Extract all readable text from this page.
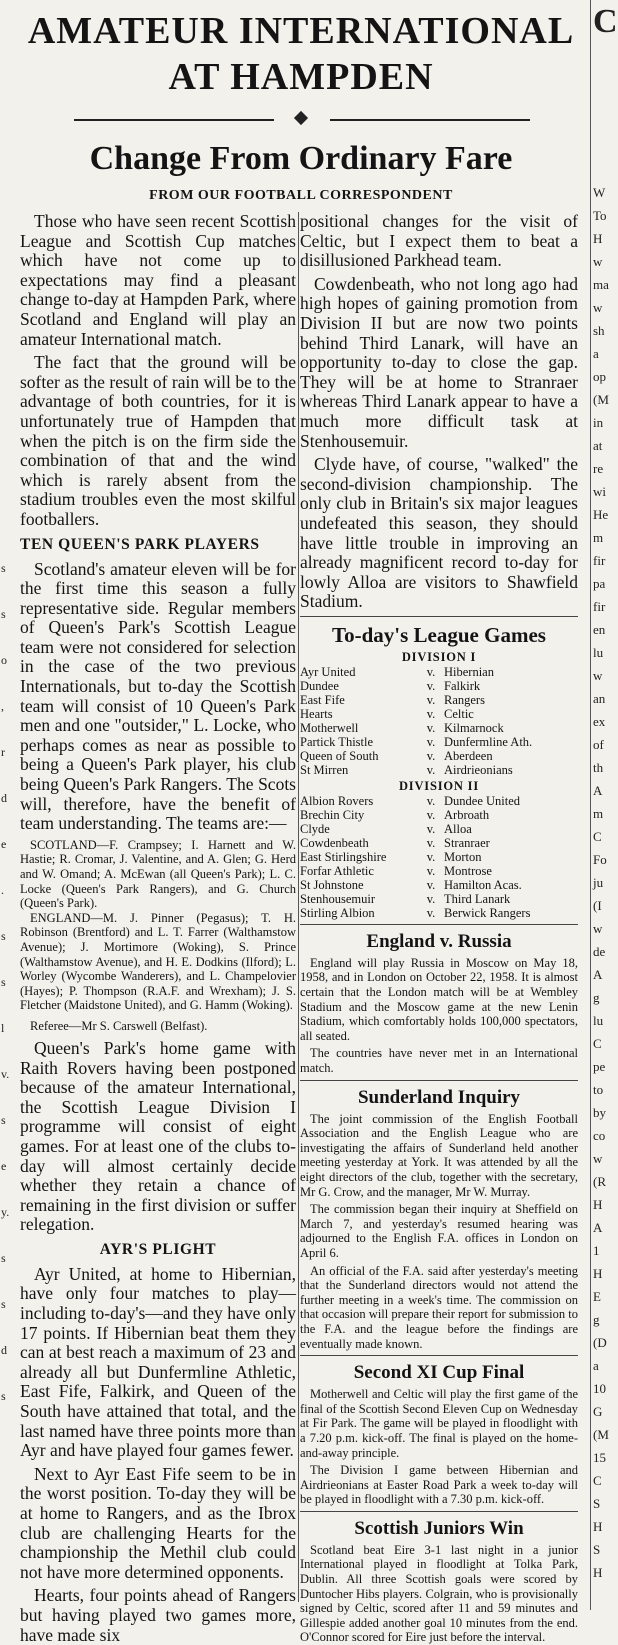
s
s
o
,
r
d
e
.
s
s
l
v.
s
e
y.
s
s
d
s
AMATEUR INTERNATIONAL
AT HAMPDEN
Change From Ordinary Fare
FROM OUR FOOTBALL CORRESPONDENT

Those who have seen recent Scottish League and Scottish Cup matches which have not come up to expectations may find a pleasant change to-day at Hampden Park, where Scotland and England will play an amateur International match.

The fact that the ground will be softer as the result of rain will be to the advantage of both countries, for it is unfortunately true of Hampden that when the pitch is on the firm side the combination of that and the wind which is rarely absent from the stadium troubles even the most skilful footballers.

TEN QUEEN'S PARK PLAYERS

Scotland's amateur eleven will be for the first time this season a fully representative side. Regular members of Queen's Park's Scottish League team were not considered for selection in the case of the two previous Internationals, but to-day the Scottish team will consist of 10 Queen's Park men and one "outsider," L. Locke, who perhaps comes as near as possible to being a Queen's Park player, his club being Queen's Park Rangers. The Scots will, therefore, have the benefit of team understanding. The teams are:—

SCOTLAND—F. Crampsey; I. Harnett and W. Hastie; R. Cromar, J. Valentine, and A. Glen; G. Herd and W. Omand; A. McEwan (all Queen's Park); L. C. Locke (Queen's Park Rangers), and G. Church (Queen's Park).

ENGLAND—M. J. Pinner (Pegasus); T. H. Robinson (Brentford) and L. T. Farrer (Walthamstow Avenue); J. Mortimore (Woking), S. Prince (Walthamstow Avenue), and H. E. Dodkins (Ilford); L. Worley (Wycombe Wanderers), and L. Champelovier (Hayes); P. Thompson (R.A.F. and Wrexham); J. S. Fletcher (Maidstone United), and G. Hamm (Woking).

Referee—Mr S. Carswell (Belfast).

Queen's Park's home game with Raith Rovers having been postponed because of the amateur International, the Scottish League Division I programme will consist of eight games. For at least one of the clubs to-day will almost certainly decide whether they retain a chance of remaining in the first division or suffer relegation.

AYR'S PLIGHT

Ayr United, at home to Hibernian, have only four matches to play—including to-day's—and they have only 17 points. If Hibernian beat them they can at best reach a maximum of 23 and already all but Dunfermline Athletic, East Fife, Falkirk, and Queen of the South have attained that total, and the last named have three points more than Ayr and have played four games fewer.

Next to Ayr East Fife seem to be in the worst position. To-day they will be at home to Rangers, and as the Ibrox club are challenging Hearts for the championship the Methil club could not have more determined opponents.

Hearts, four points ahead of Rangers but having played two games more, have made six

positional changes for the visit of Celtic, but I expect them to beat a disillusioned Parkhead team.

Cowdenbeath, who not long ago had high hopes of gaining promotion from Division II but are now two points behind Third Lanark, will have an opportunity to-day to close the gap. They will be at home to Stranraer whereas Third Lanark appear to have a much more difficult task at Stenhousemuir.

Clyde have, of course, "walked" the second-division championship. The only club in Britain's six major leagues undefeated this season, they should have little trouble in improving an already magnificent record to-day for lowly Alloa are visitors to Shawfield Stadium.

To-day's League Games
DIVISION I
Ayr United	v.	Hibernian
Dundee	v.	Falkirk
East Fife	v.	Rangers
Hearts	v.	Celtic
Motherwell	v.	Kilmarnock
Partick Thistle	v.	Dunfermline Ath.
Queen of South	v.	Aberdeen
St Mirren	v.	Airdrieonians
DIVISION II
Albion Rovers	v.	Dundee United
Brechin City	v.	Arbroath
Clyde	v.	Alloa
Cowdenbeath	v.	Stranraer
East Stirlingshire	v.	Morton
Forfar Athletic	v.	Montrose
St Johnstone	v.	Hamilton Acas.
Stenhousemuir	v.	Third Lanark
Stirling Albion	v.	Berwick Rangers
England v. Russia

England will play Russia in Moscow on May 18, 1958, and in London on October 22, 1958. It is almost certain that the London match will be at Wembley Stadium and the Moscow game at the new Lenin Stadium, which comfortably holds 100,000 spectators, all seated.

The countries have never met in an International match.

Sunderland Inquiry

The joint commission of the English Football Association and the English League who are investigating the affairs of Sunderland held another meeting yesterday at York. It was attended by all the eight directors of the club, together with the secretary, Mr G. Crow, and the manager, Mr W. Murray.

The commission began their inquiry at Sheffield on March 7, and yesterday's resumed hearing was adjourned to the English F.A. offices in London on April 6.

An official of the F.A. said after yesterday's meeting that the Sunderland directors would not attend the further meeting in a week's time. The commission on that occasion will prepare their report for submission to the F.A. and the league before the findings are eventually made known.

Second XI Cup Final

Motherwell and Celtic will play the first game of the final of the Scottish Second Eleven Cup on Wednesday at Fir Park. The game will be played in floodlight with a 7.20 p.m. kick-off. The final is played on the home-and-away principle.

The Division I game between Hibernian and Airdrieonians at Easter Road Park a week to-day will be played in floodlight with a 7.30 p.m. kick-off.

Scottish Juniors Win

Scotland beat Eire 3-1 last night in a junior International played in floodlight at Tolka Park, Dublin. All three Scottish goals were scored by Duntocher Hibs players. Colgrain, who is provisionally signed by Celtic, scored after 11 and 59 minutes and Gillespie added another goal 10 minutes from the end. O'Connor scored for Eire just before the interval.

C
W
To
H
w
ma
w
sh
a
op
(M
in
at
re
wi
He
m
fir
pa
fir
en
lu
w
an
ex
of
th
A
m
C
Fo
ju
(I
w
de
A
g
lu
C
pe
to
by
co
w
(R
H
A
1
H
E
g
(D
a
10
G
(M
15
C
S
H
S
H
